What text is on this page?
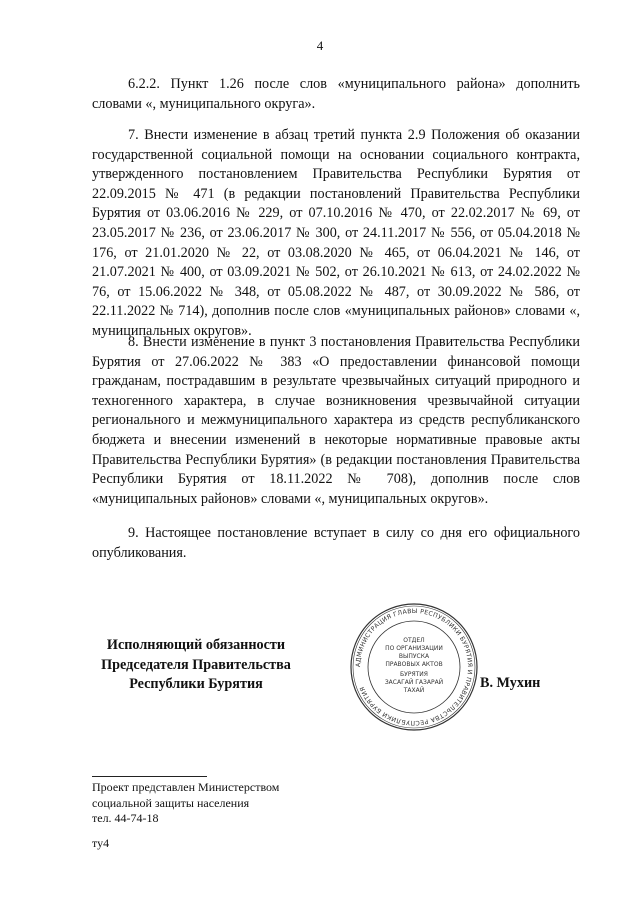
4

6.2.2. Пункт 1.26 после слов «муниципального района» дополнить словами «, муниципального округа».

7. Внести изменение в абзац третий пункта 2.9 Положения об оказании государственной социальной помощи на основании социального контракта, утвержденного постановлением Правительства Республики Бурятия от 22.09.2015 № 471 (в редакции постановлений Правительства Республики Бурятия от 03.06.2016 № 229, от 07.10.2016 № 470, от 22.02.2017 № 69, от 23.05.2017 № 236, от 23.06.2017 № 300, от 24.11.2017 № 556, от 05.04.2018 № 176, от 21.01.2020 № 22, от 03.08.2020 № 465, от 06.04.2021 № 146, от 21.07.2021 № 400, от 03.09.2021 № 502, от 26.10.2021 № 613, от 24.02.2022 № 76, от 15.06.2022 № 348, от 05.08.2022 № 487, от 30.09.2022 № 586, от 22.11.2022 № 714), дополнив после слов «муниципальных районов» словами «, муниципальных округов».

8. Внести изменение в пункт 3 постановления Правительства Республики Бурятия от 27.06.2022 № 383 «О предоставлении финансовой помощи гражданам, пострадавшим в результате чрезвычайных ситуаций природного и техногенного характера, в случае возникновения чрезвычайной ситуации регионального и межмуниципального характера из средств республиканского бюджета и внесении изменений в некоторые нормативные правовые акты Правительства Республики Бурятия» (в редакции постановления Правительства Республики Бурятия от 18.11.2022 № 708), дополнив после слов «муниципальных районов» словами «, муниципальных округов».

9. Настоящее постановление вступает в силу со дня его официального опубликования.

Исполняющий обязанности
Председателя Правительства
Республики Бурятия
АДМИНИСТРАЦИЯ ГЛАВЫ РЕСПУБЛИКИ БУРЯТИЯ И ПРАВИТЕЛЬСТВА РЕСПУБЛИКИ БУРЯТИЯ
ОТДЕЛ
ПО ОРГАНИЗАЦИИ
ВЫПУСКА
ПРАВОВЫХ АКТОВ
БУРЯТИЯ
ЗАСАГАЙ ГАЗАРАЙ
ТАХАЙ	В. Мухин
Проект представлен Министерством
социальной защиты населения
тел. 44-74-18
ту4
